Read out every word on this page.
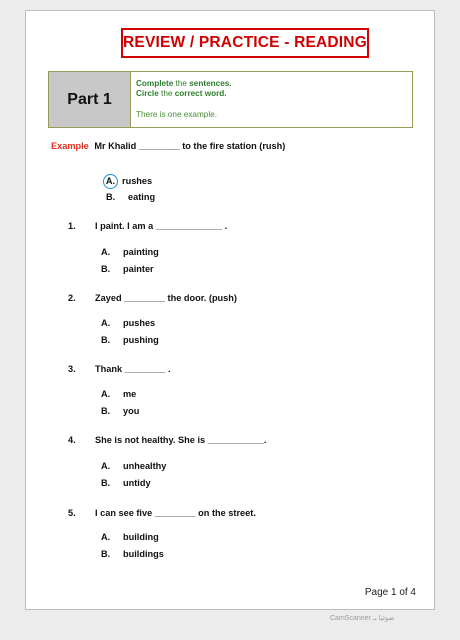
REVIEW / PRACTICE - READING
Part 1
Complete the sentences.
Circle the correct word.
There is one example.
Example Mr Khalid ________ to the fire station (rush)
A. rushes
B. eating
1. I paint. I am a _____________ .
A. painting
B. painter
2. Zayed ________ the door. (push)
A. pushes
B. pushing
3. Thank ________ .
A. me
B. you
4. She is not healthy. She is ___________.
A. unhealthy
B. untidy
5. I can see five ________ on the street.
A. building
B. buildings
Page 1 of 4
CamScanner ضوئيا بـ
